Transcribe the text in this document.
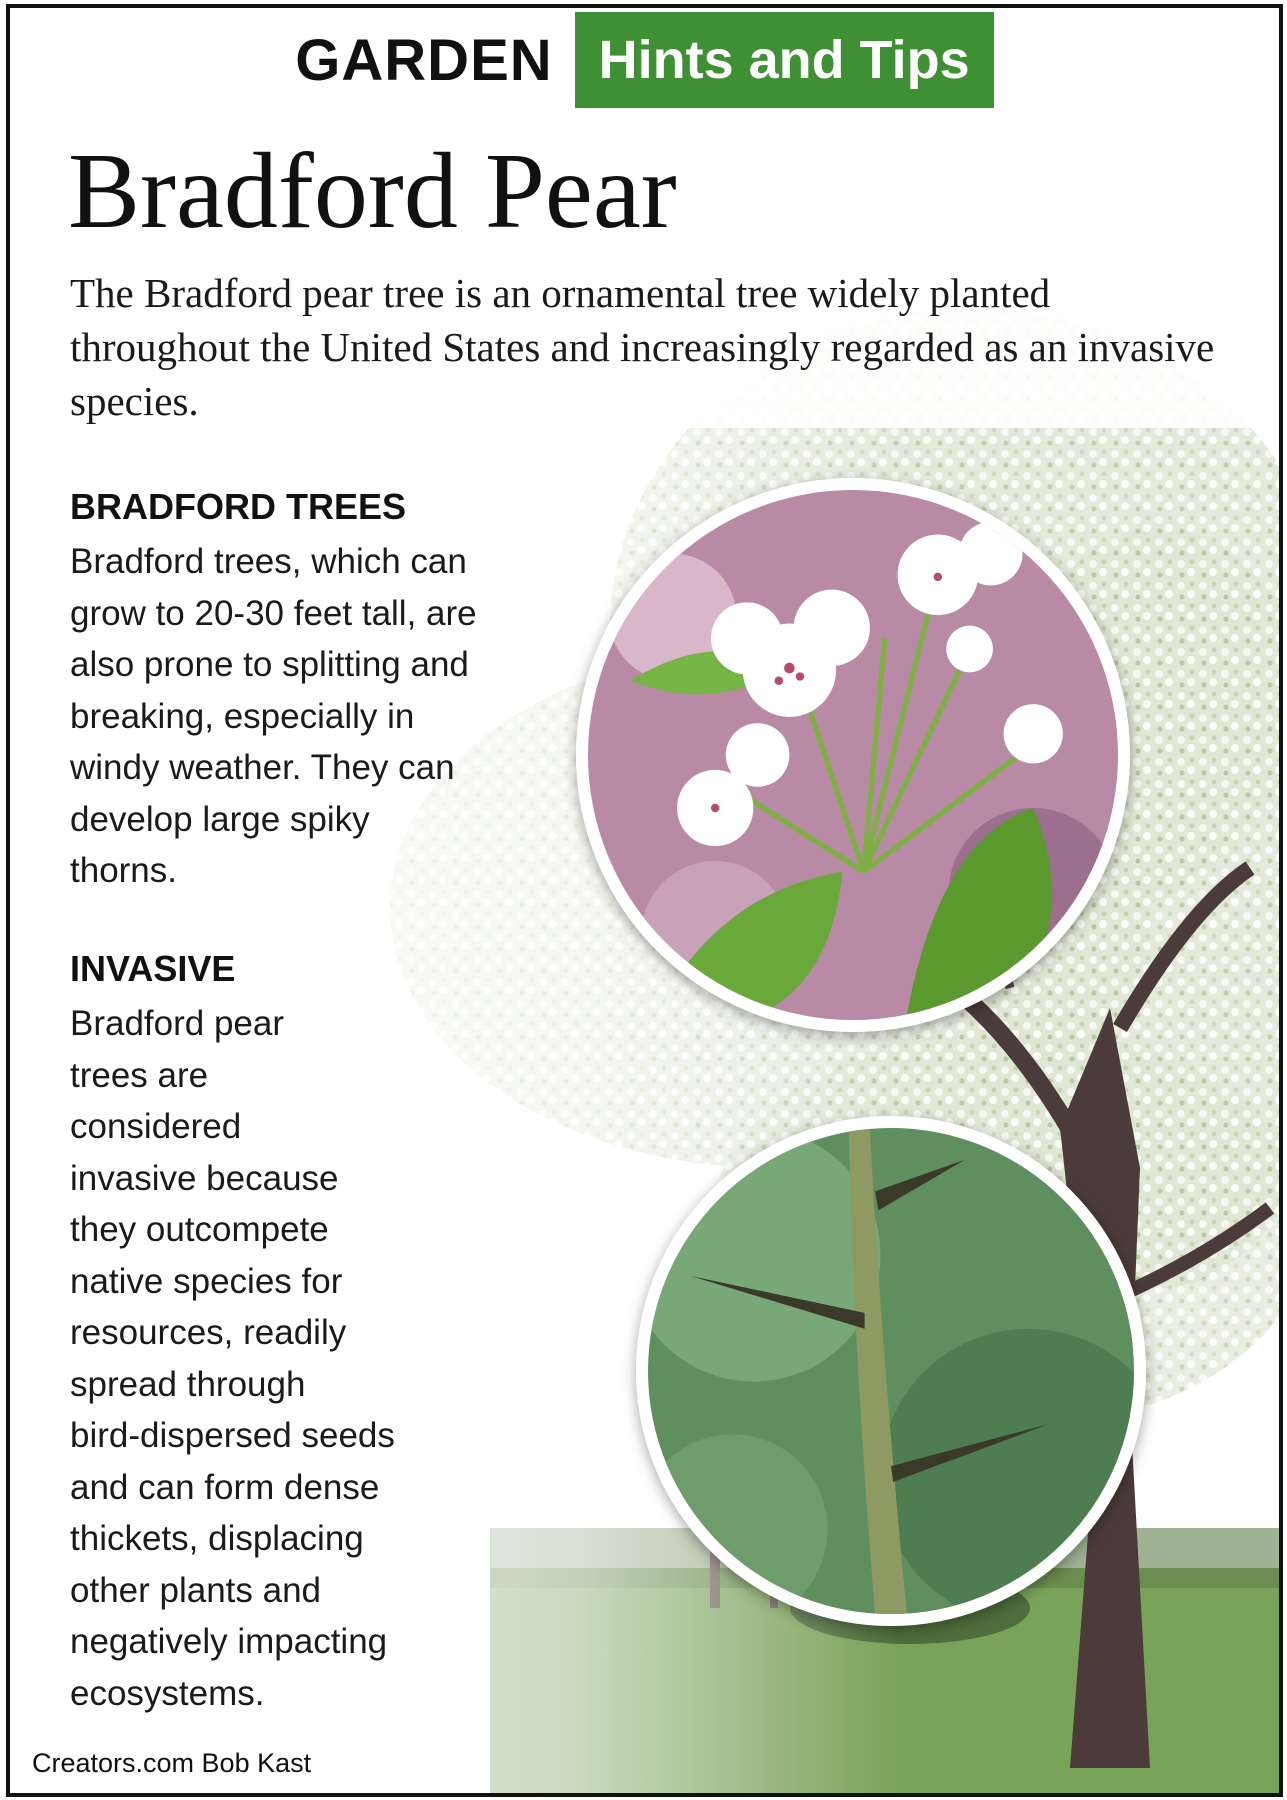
GARDEN Hints and Tips
Bradford Pear

The Bradford pear tree is an ornamental tree widely planted throughout the United States and increasingly regarded as an invasive species.

BRADFORD TREES
Bradford trees, which can
grow to 20-30 feet tall, are
also prone to splitting and
breaking, especially in
windy weather. They can
develop large spiky
thorns.
INVASIVE
Bradford pear
trees are
considered
invasive because
they outcompete
native species for
resources, readily
spread through
bird-dispersed seeds
and can form dense
thickets, displacing
other plants and
negatively impacting
ecosystems.
Creators.com Bob Kast
